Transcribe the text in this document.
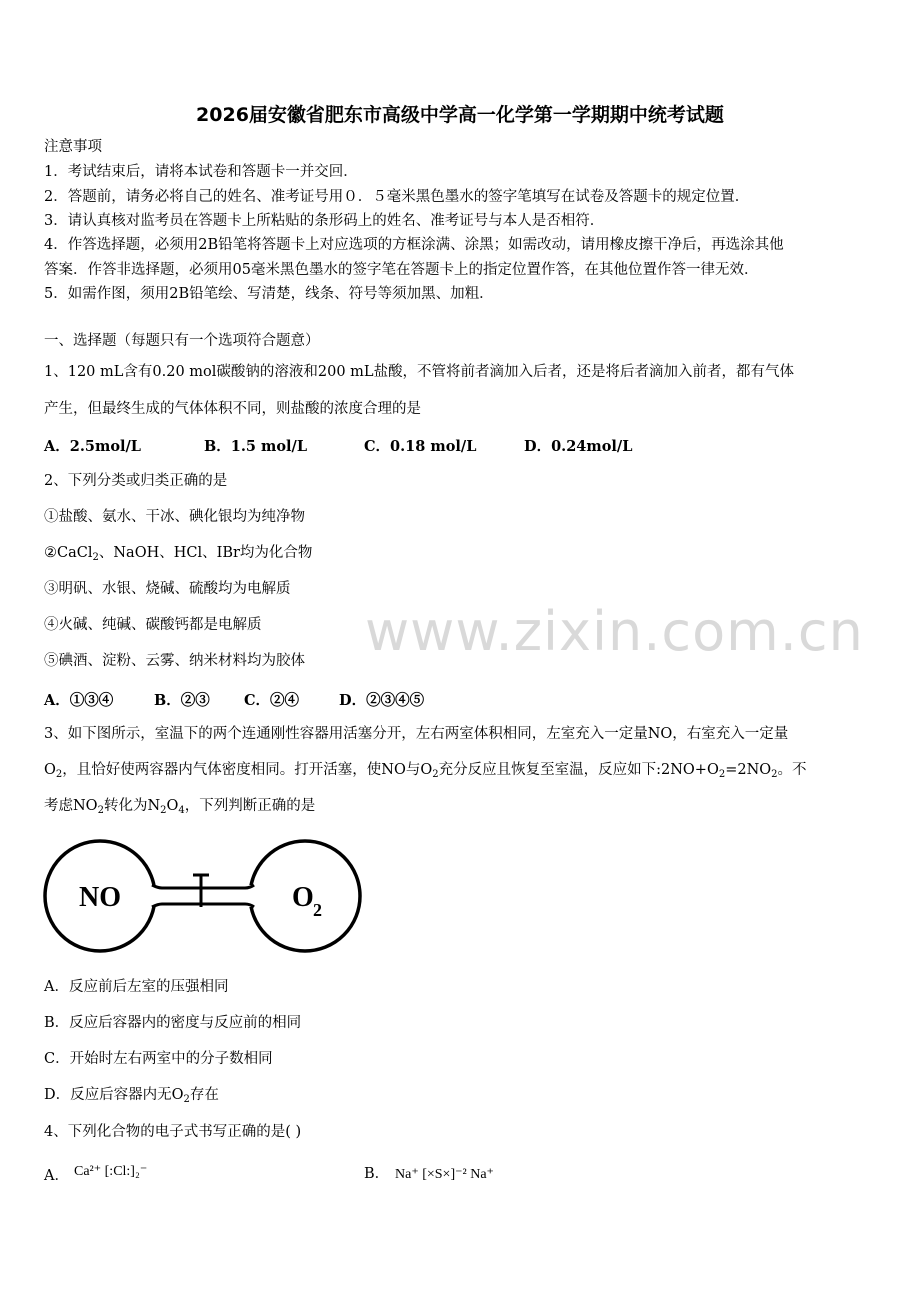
2026届安徽省肥东市高级中学高一化学第一学期期中统考试题
注意事项
1．考试结束后，请将本试卷和答题卡一并交回．
2．答题前，请务必将自己的姓名、准考证号用０．５毫米黑色墨水的签字笔填写在试卷及答题卡的规定位置．
3．请认真核对监考员在答题卡上所粘贴的条形码上的姓名、准考证号与本人是否相符．
4．作答选择题，必须用2B铅笔将答题卡上对应选项的方框涂满、涂黑；如需改动，请用橡皮擦干净后，再选涂其他
答案．作答非选择题，必须用05毫米黑色墨水的签字笔在答题卡上的指定位置作答，在其他位置作答一律无效．
5．如需作图，须用2B铅笔绘、写清楚，线条、符号等须加黑、加粗．
www.zixin.com.cn
一、选择题（每题只有一个选项符合题意）
1、120 mL含有0.20 mol碳酸钠的溶液和200 mL盐酸，不管将前者滴加入后者，还是将后者滴加入前者，都有气体
产生，但最终生成的气体体积不同，则盐酸的浓度合理的是
A．2.5mol/L	B．1.5 mol/L	C．0.18 mol/L	D．0.24mol/L
2、下列分类或归类正确的是
①盐酸、氨水、干冰、碘化银均为纯净物
②CaCl$_2$、NaOH、HCl、IBr均为化合物
③明矾、水银、烧碱、硫酸均为电解质
④火碱、纯碱、碳酸钙都是电解质
⑤碘酒、淀粉、云雾、纳米材料均为胶体
A．①③④	B．②③ C．②④	D．②③④⑤
3、如下图所示，室温下的两个连通刚性容器用活塞分开，左右两室体积相同，左室充入一定量NO，右室充入一定量
$O_2$，且恰好使两容器内气体密度相同。打开活塞，使NO与$O_2$充分反应且恢复至室温，反应如下$:2NO+O_2=2NO_2$。不
考虑$NO_2$转化为$N_2O_4$，下列判断正确的是
NO	O 2
A．反应前后左室的压强相同
B．反应后容器内的密度与反应前的相同
C．开始时左右两室中的分子数相同
D．反应后容器内无$O_2$存在
4、下列化合物的电子式书写正确的是( )
A． Ca²⁺ [:Cl:]₂⁻	B． Na⁺ [×S×]⁻² Na⁺
